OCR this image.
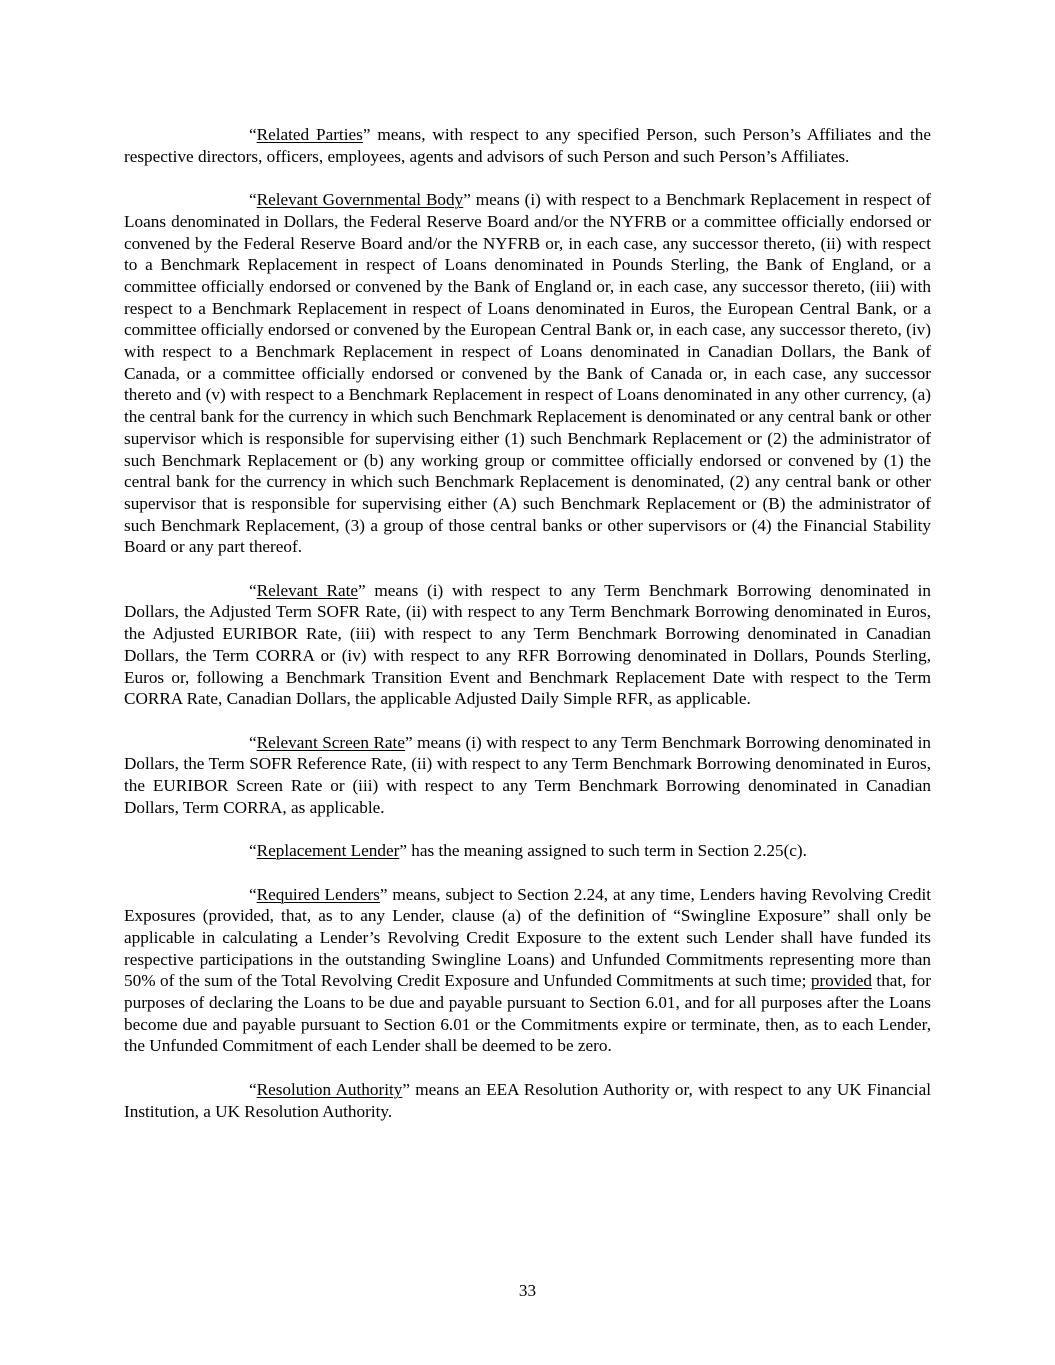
“Related Parties” means, with respect to any specified Person, such Person’s Affiliates and the respective directors, officers, employees, agents and advisors of such Person and such Person’s Affiliates.

“Relevant Governmental Body” means (i) with respect to a Benchmark Replacement in respect of Loans denominated in Dollars, the Federal Reserve Board and/or the NYFRB or a committee officially endorsed or convened by the Federal Reserve Board and/or the NYFRB or, in each case, any successor thereto, (ii) with respect to a Benchmark Replacement in respect of Loans denominated in Pounds Sterling, the Bank of England, or a committee officially endorsed or convened by the Bank of England or, in each case, any successor thereto, (iii) with respect to a Benchmark Replacement in respect of Loans denominated in Euros, the European Central Bank, or a committee officially endorsed or convened by the European Central Bank or, in each case, any successor thereto, (iv) with respect to a Benchmark Replacement in respect of Loans denominated in Canadian Dollars, the Bank of Canada, or a committee officially endorsed or convened by the Bank of Canada or, in each case, any successor thereto and (v) with respect to a Benchmark Replacement in respect of Loans denominated in any other currency, (a) the central bank for the currency in which such Benchmark Replacement is denominated or any central bank or other supervisor which is responsible for supervising either (1) such Benchmark Replacement or (2) the administrator of such Benchmark Replacement or (b) any working group or committee officially endorsed or convened by (1) the central bank for the currency in which such Benchmark Replacement is denominated, (2) any central bank or other supervisor that is responsible for supervising either (A) such Benchmark Replacement or (B) the administrator of such Benchmark Replacement, (3) a group of those central banks or other supervisors or (4) the Financial Stability Board or any part thereof.

“Relevant Rate” means (i) with respect to any Term Benchmark Borrowing denominated in Dollars, the Adjusted Term SOFR Rate, (ii) with respect to any Term Benchmark Borrowing denominated in Euros, the Adjusted EURIBOR Rate, (iii) with respect to any Term Benchmark Borrowing denominated in Canadian Dollars, the Term CORRA or (iv) with respect to any RFR Borrowing denominated in Dollars, Pounds Sterling, Euros or, following a Benchmark Transition Event and Benchmark Replacement Date with respect to the Term CORRA Rate, Canadian Dollars, the applicable Adjusted Daily Simple RFR, as applicable.

“Relevant Screen Rate” means (i) with respect to any Term Benchmark Borrowing denominated in Dollars, the Term SOFR Reference Rate, (ii) with respect to any Term Benchmark Borrowing denominated in Euros, the EURIBOR Screen Rate or (iii) with respect to any Term Benchmark Borrowing denominated in Canadian Dollars, Term CORRA, as applicable.

“Replacement Lender” has the meaning assigned to such term in Section 2.25(c).

“Required Lenders” means, subject to Section 2.24, at any time, Lenders having Revolving Credit Exposures (provided, that, as to any Lender, clause (a) of the definition of “Swingline Exposure” shall only be applicable in calculating a Lender’s Revolving Credit Exposure to the extent such Lender shall have funded its respective participations in the outstanding Swingline Loans) and Unfunded Commitments representing more than 50% of the sum of the Total Revolving Credit Exposure and Unfunded Commitments at such time; provided that, for purposes of declaring the Loans to be due and payable pursuant to Section 6.01, and for all purposes after the Loans become due and payable pursuant to Section 6.01 or the Commitments expire or terminate, then, as to each Lender, the Unfunded Commitment of each Lender shall be deemed to be zero.

“Resolution Authority” means an EEA Resolution Authority or, with respect to any UK Financial Institution, a UK Resolution Authority.

33
